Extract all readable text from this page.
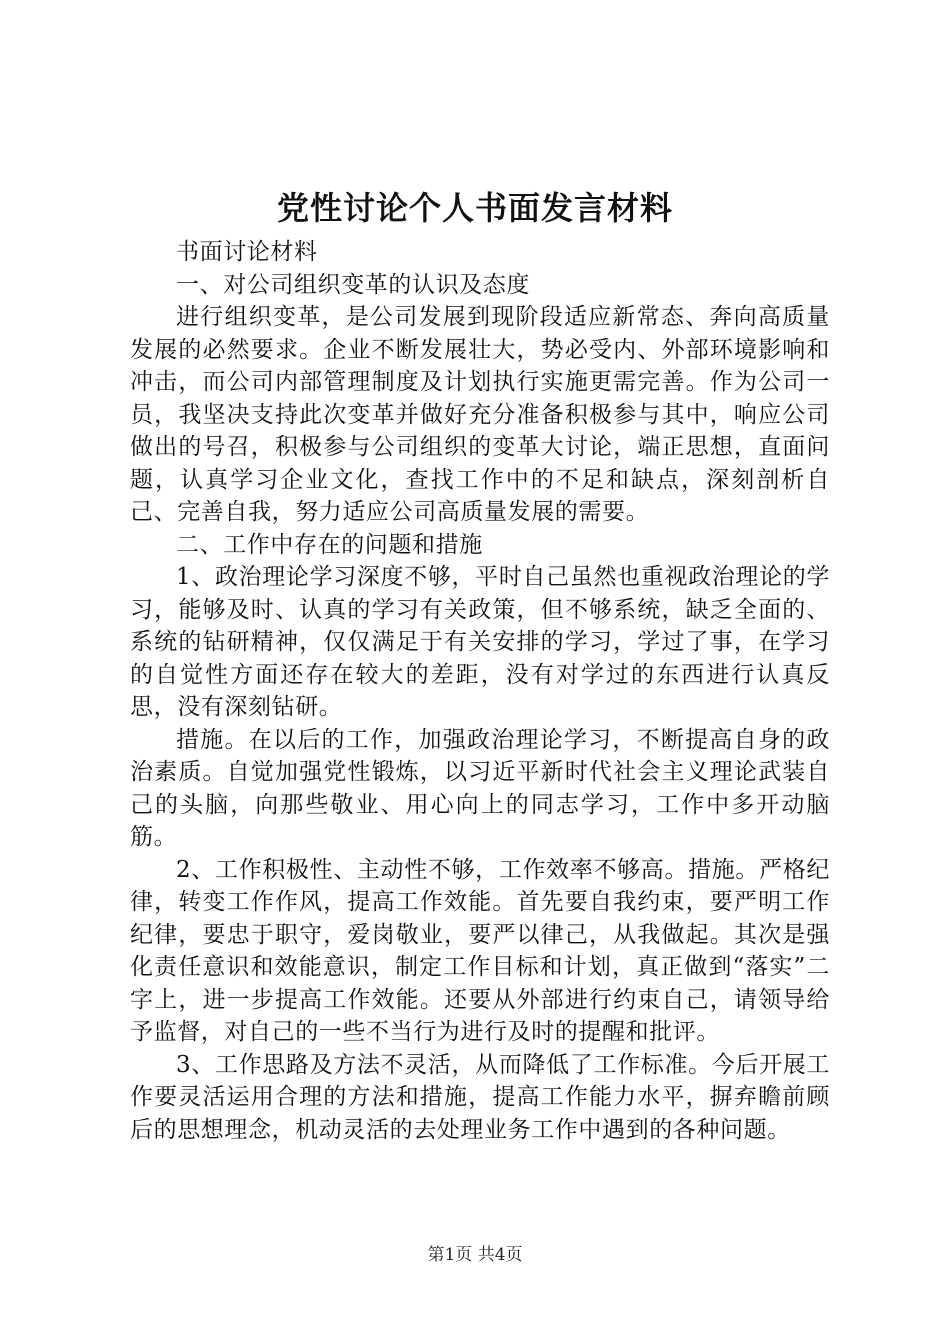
党性讨论个人书面发言材料

书面讨论材料

一、对公司组织变革的认识及态度

进行组织变革，是公司发展到现阶段适应新常态、奔向高质量发展的必然要求。企业不断发展壮大，势必受内、外部环境影响和冲击，而公司内部管理制度及计划执行实施更需完善。作为公司一员，我坚决支持此次变革并做好充分准备积极参与其中，响应公司做出的号召，积极参与公司组织的变革大讨论，端正思想，直面问题，认真学习企业文化，查找工作中的不足和缺点，深刻剖析自己、完善自我，努力适应公司高质量发展的需要。

二、工作中存在的问题和措施

1、政治理论学习深度不够，平时自己虽然也重视政治理论的学习，能够及时、认真的学习有关政策，但不够系统，缺乏全面的、系统的钻研精神，仅仅满足于有关安排的学习，学过了事，在学习的自觉性方面还存在较大的差距，没有对学过的东西进行认真反思，没有深刻钻研。

措施。在以后的工作，加强政治理论学习，不断提高自身的政治素质。自觉加强党性锻炼，以习近平新时代社会主义理论武装自己的头脑，向那些敬业、用心向上的同志学习，工作中多开动脑筋。

2、工作积极性、主动性不够，工作效率不够高。措施。严格纪律，转变工作作风，提高工作效能。首先要自我约束，要严明工作纪律，要忠于职守，爱岗敬业，要严以律己，从我做起。其次是强化责任意识和效能意识，制定工作目标和计划，真正做到“落实”二字上，进一步提高工作效能。还要从外部进行约束自己，请领导给予监督，对自己的一些不当行为进行及时的提醒和批评。

3、工作思路及方法不灵活，从而降低了工作标准。今后开展工作要灵活运用合理的方法和措施，提高工作能力水平，摒弃瞻前顾后的思想理念，机动灵活的去处理业务工作中遇到的各种问题。

第1页 共4页
